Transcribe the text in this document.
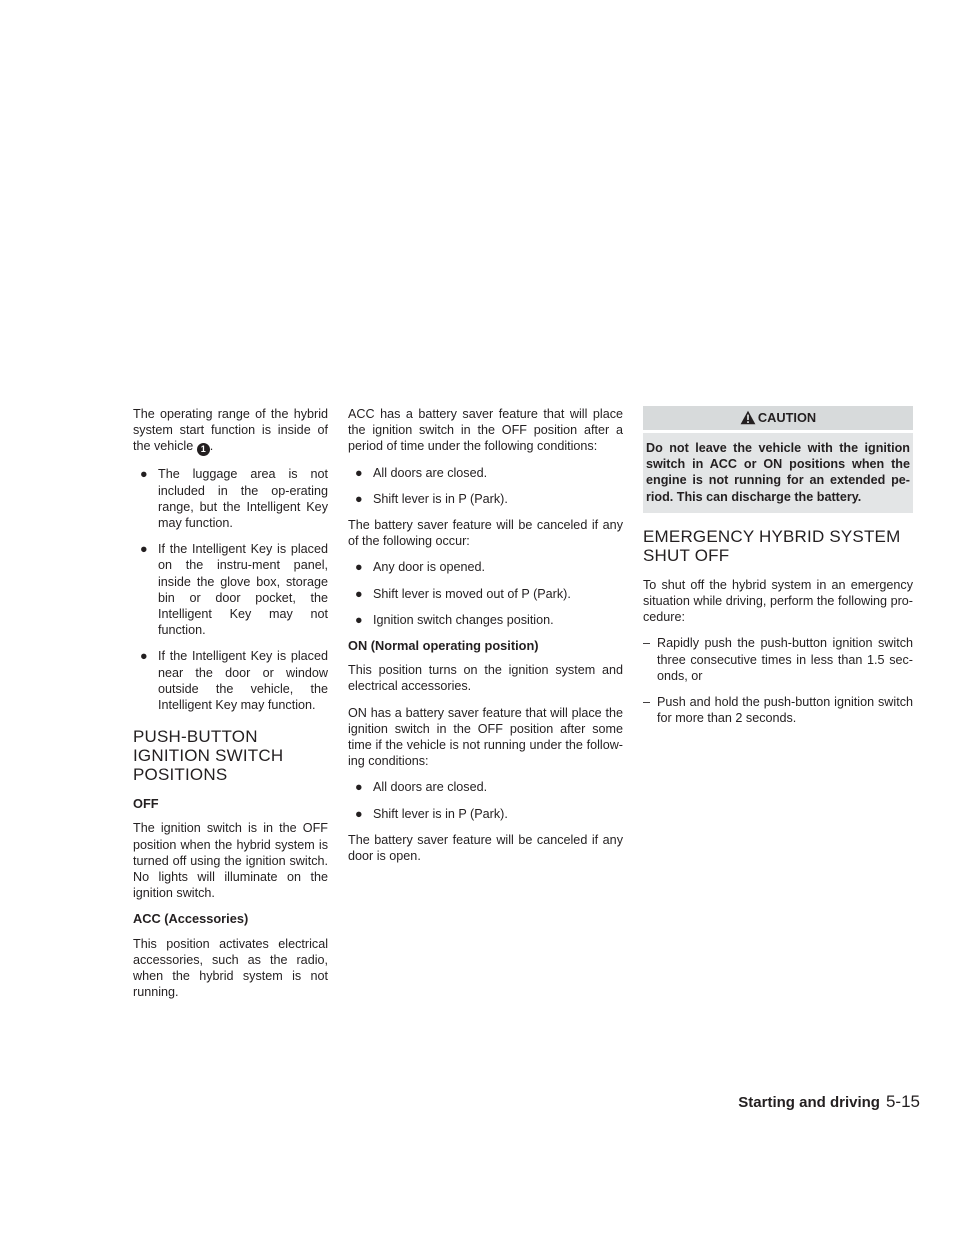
The operating range of the hybrid system start function is inside of the vehicle 1 .

● The luggage area is not included in the op-erating range, but the Intelligent Key may function.
● If the Intelligent Key is placed on the instru-ment panel, inside the glove box, storage bin or door pocket, the Intelligent Key may not function.
● If the Intelligent Key is placed near the door or window outside the vehicle, the Intelligent Key may function.
PUSH-BUTTON IGNITION SWITCH POSITIONS
OFF

The ignition switch is in the OFF position when the hybrid system is turned off using the ignition switch. No lights will illuminate on the ignition switch.

ACC (Accessories)

This position activates electrical accessories, such as the radio, when the hybrid system is not running.

ACC has a battery saver feature that will place the ignition switch in the OFF position after a period of time under the following conditions:

● All doors are closed.
● Shift lever is in P (Park).

The battery saver feature will be canceled if any of the following occur:

● Any door is opened.
● Shift lever is moved out of P (Park).
● Ignition switch changes position.
ON (Normal operating position)

This position turns on the ignition system and electrical accessories.

ON has a battery saver feature that will place the ignition switch in the OFF position after some time if the vehicle is not running under the follow-ing conditions:

● All doors are closed.
● Shift lever is in P (Park).

The battery saver feature will be canceled if any door is open.

CAUTION
Do not leave the vehicle with the ignition switch in ACC or ON positions when the engine is not running for an extended pe-riod. This can discharge the battery.
EMERGENCY HYBRID SYSTEM SHUT OFF

To shut off the hybrid system in an emergency situation while driving, perform the following pro-cedure:

– Rapidly push the push-button ignition switch three consecutive times in less than 1.5 sec-onds, or
– Push and hold the push-button ignition switch for more than 2 seconds.
Starting and driving 5-15
